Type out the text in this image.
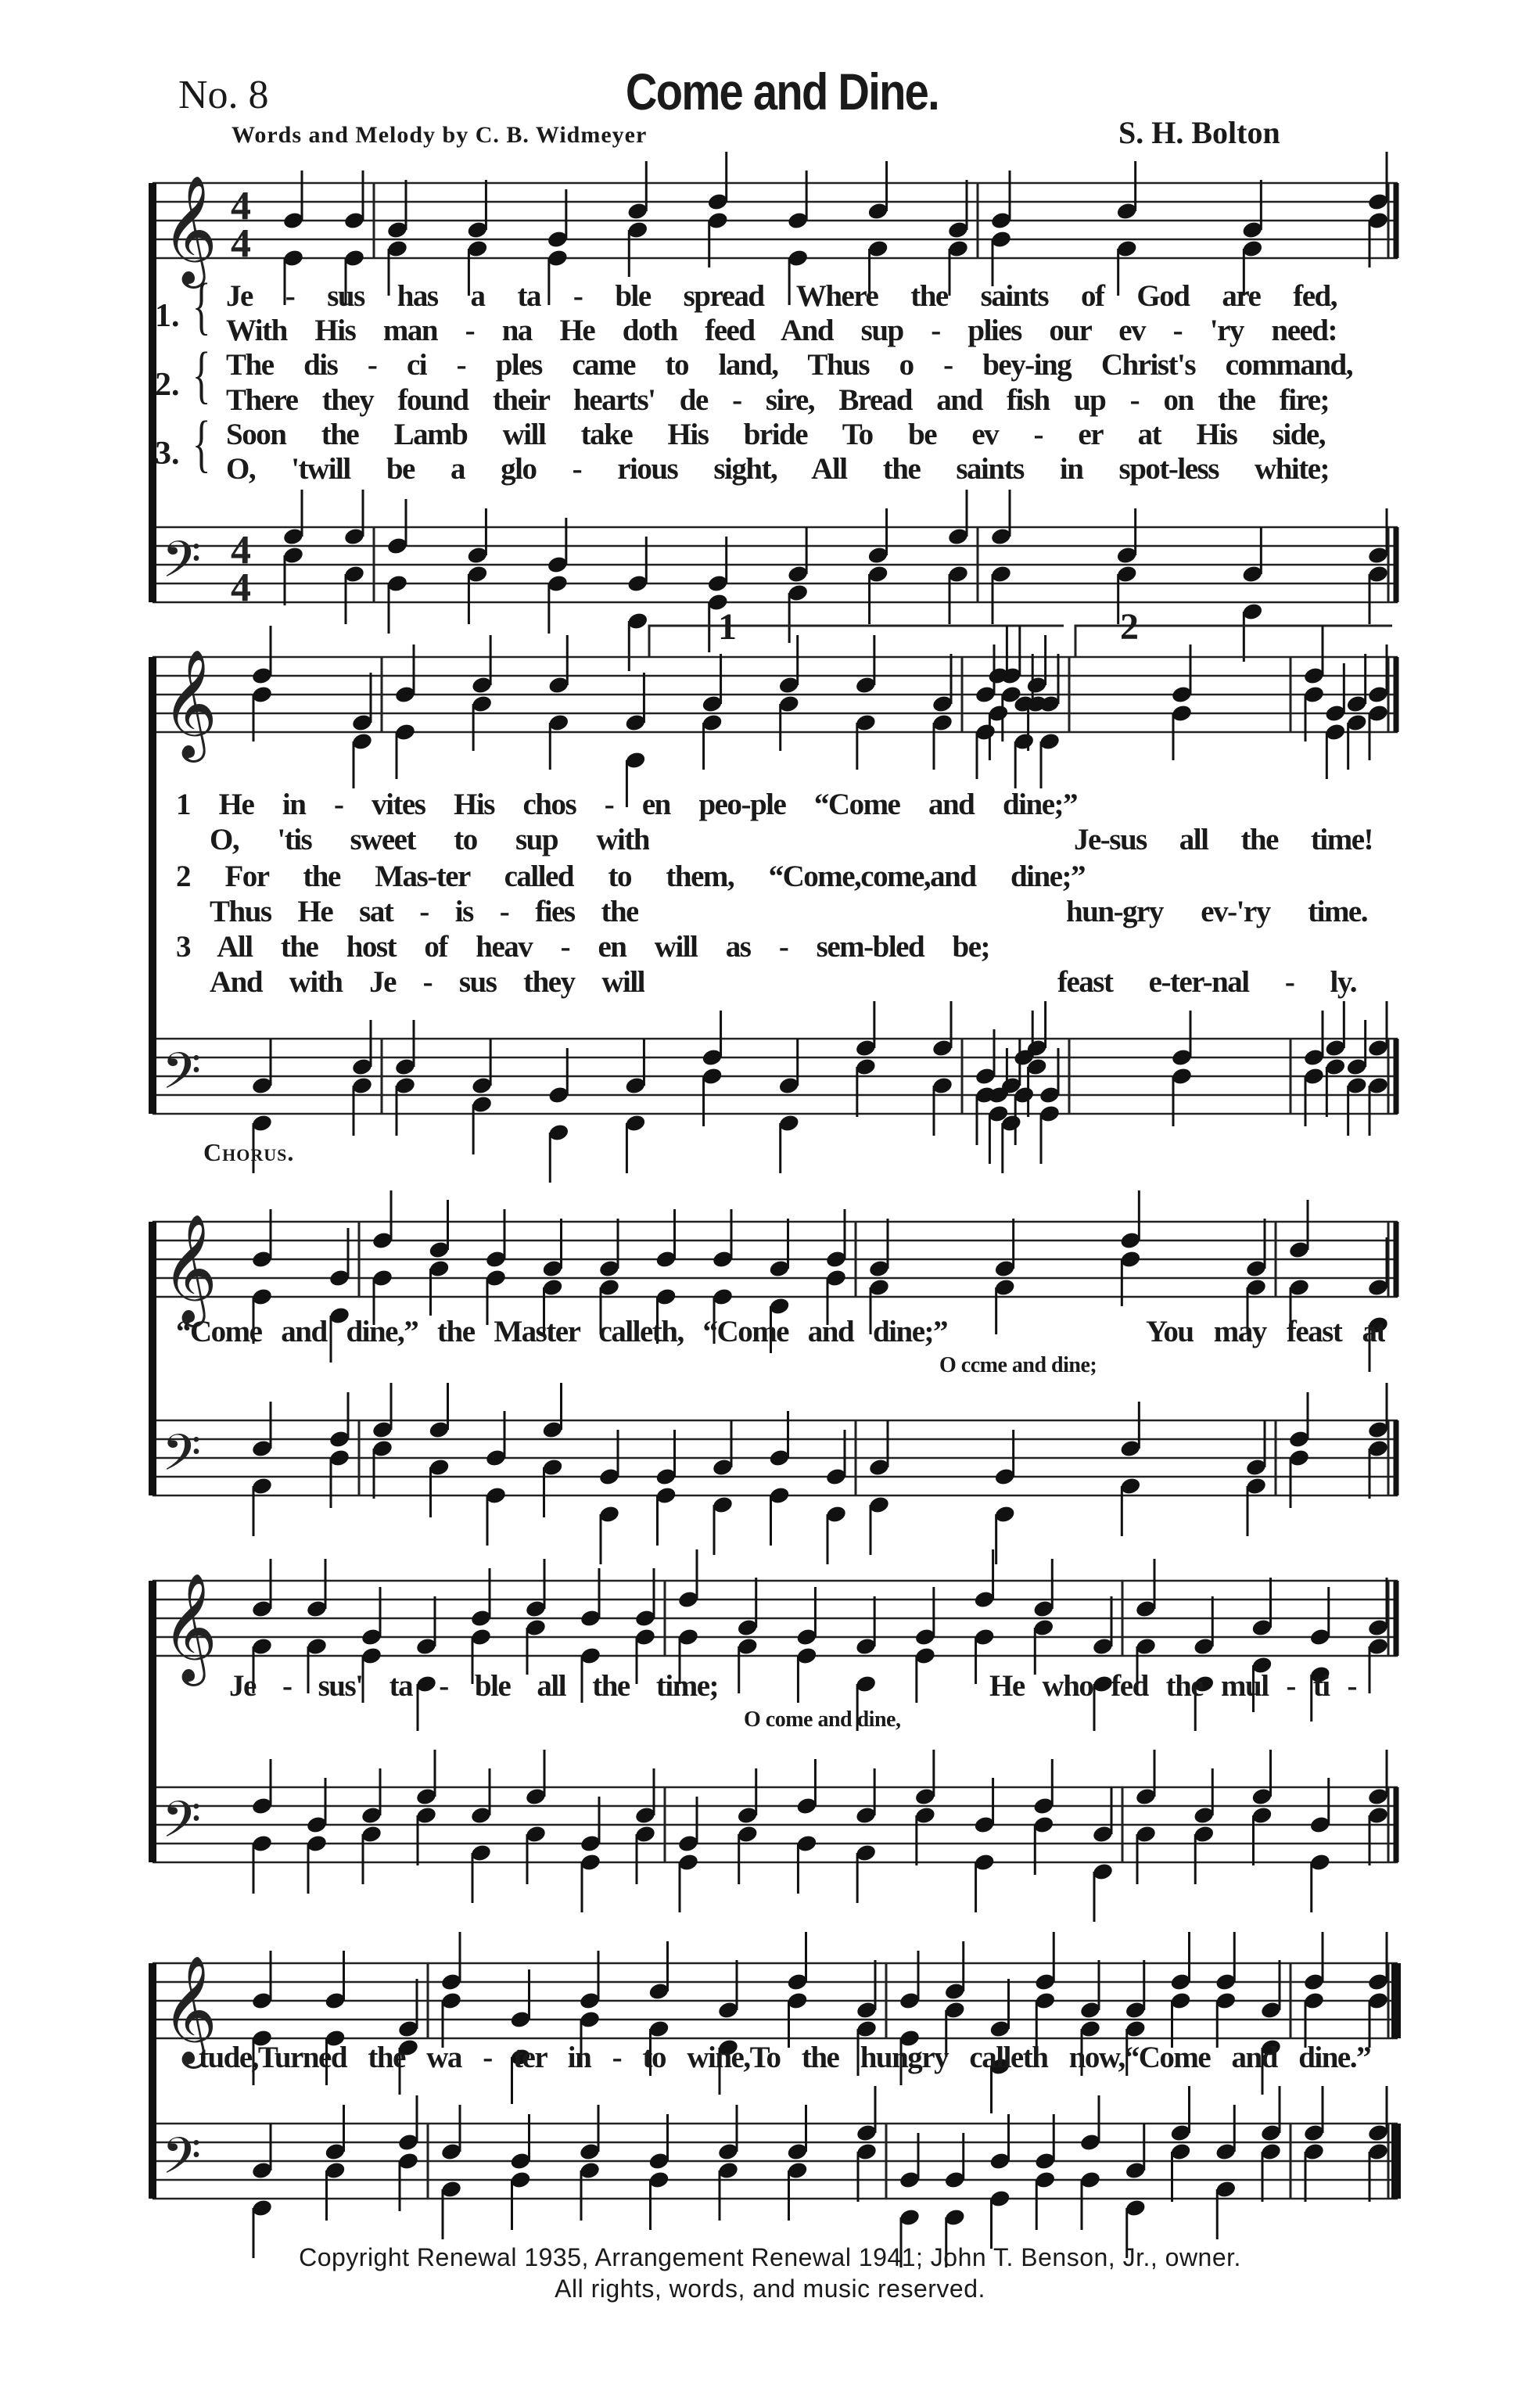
𝄞 4
4
𝄢 4
4
𝄞
𝄢
𝄞
𝄢
𝄞
𝄢
𝄞
𝄢
No. 8	Come and Dine.
Words and Melody by C. B. Widmeyer	S. H. Bolton
1.
2.
3.
{
{
{
Je - sus has a ta - ble spread Where the saints of God are fed,
With His man - na He doth feed And sup - plies our ev - 'ry need:
The dis - ci - ples came to land, Thus o - bey-ing Christ's command,
There they found their hearts' de - sire, Bread and fish up - on the fire;
Soon the Lamb will take His bride To be ev - er at His side,
O, 'twill be a glo - rious sight, All the saints in spot-less white;
1	2
1 He in - vites His chos - en peo-ple “Come and dine;”
O, 'tis sweet to sup with	Je-sus all the time!
2 For the Mas-ter called to them, “Come,come,and dine;”
Thus He sat - is - fies the	hun-gry ev-'ry time.
3 All the host of heav - en will as - sem-bled be;
And with Je - sus they will	feast e-ter-nal - ly.
Chorus.
“Come and dine,” the Master calleth, “Come and dine;”	You may feast at
O ccme and dine;
Je - sus' ta - ble all the time;	He who fed the mul - ti -
O come and dine,
tude,Turned the wa - ter in - to wine,To the hungry calleth now,“Come and dine.”
Copyright Renewal 1935, Arrangement Renewal 1941; John T. Benson, Jr., owner.
All rights, words, and music reserved.
